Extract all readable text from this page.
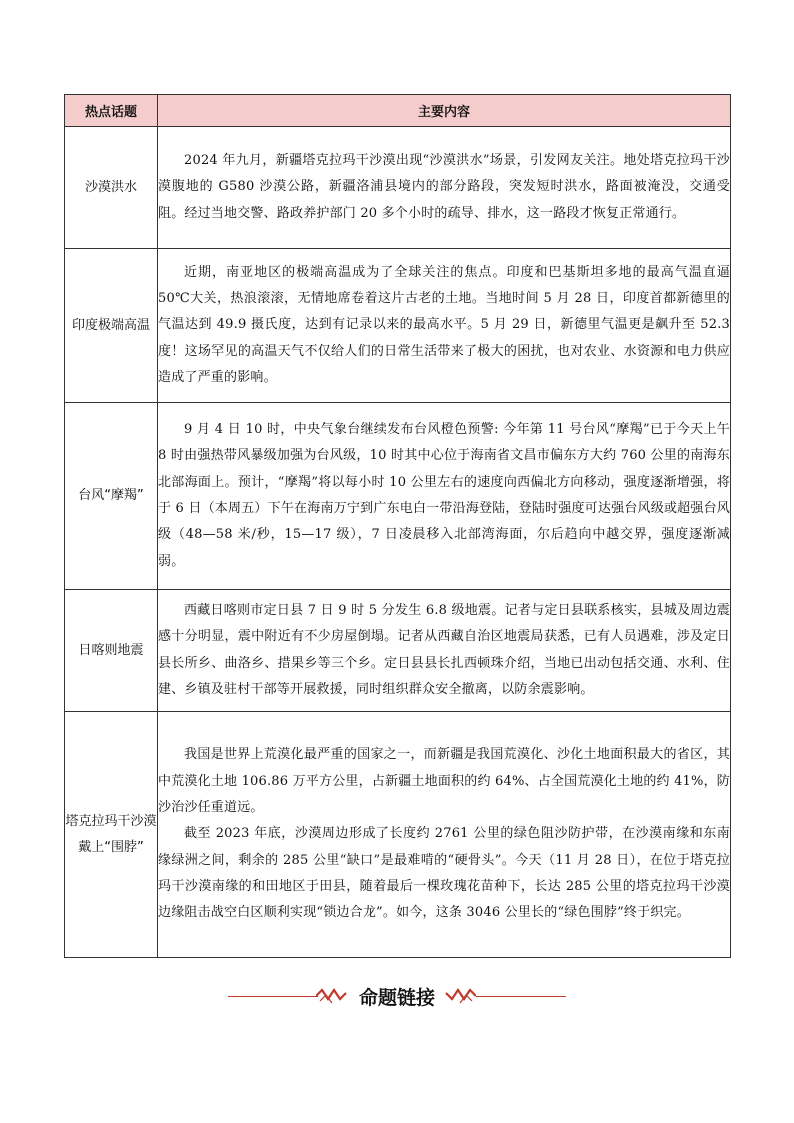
热点话题	主要内容
沙漠洪水	2024 年九月，新疆塔克拉玛干沙漠出现“沙漠洪水”场景，引发网友关注。地处塔克拉玛干沙漠腹地的 G580 沙漠公路，新疆洛浦县境内的部分路段，突发短时洪水，路面被淹没，交通受阻。经过当地交警、路政养护部门 20 多个小时的疏导、排水，这一路段才恢复正常通行。

印度极端高温	近期，南亚地区的极端高温成为了全球关注的焦点。印度和巴基斯坦多地的最高气温直逼 50℃大关，热浪滚滚，无情地席卷着这片古老的土地。当地时间 5 月 28 日，印度首都新德里的气温达到 49.9 摄氏度，达到有记录以来的最高水平。5 月 29 日，新德里气温更是飙升至 52.3 度！这场罕见的高温天气不仅给人们的日常生活带来了极大的困扰，也对农业、水资源和电力供应造成了严重的影响。

台风“摩羯”	9 月 4 日 10 时，中央气象台继续发布台风橙色预警: 今年第 11 号台风“摩羯”已于今天上午 8 时由强热带风暴级加强为台风级，10 时其中心位于海南省文昌市偏东方大约 760 公里的南海东北部海面上。预计，“摩羯”将以每小时 10 公里左右的速度向西偏北方向移动，强度逐渐增强，将于 6 日（本周五）下午在海南万宁到广东电白一带沿海登陆，登陆时强度可达强台风级或超强台风级（48—58 米/秒，15—17 级），7 日凌晨移入北部湾海面，尔后趋向中越交界，强度逐渐减弱。

日喀则地震	西藏日喀则市定日县 7 日 9 时 5 分发生 6.8 级地震。记者与定日县联系核实，县城及周边震感十分明显，震中附近有不少房屋倒塌。记者从西藏自治区地震局获悉，已有人员遇难，涉及定日县长所乡、曲洛乡、措果乡等三个乡。定日县县长扎西顿珠介绍，当地已出动包括交通、水利、住建、乡镇及驻村干部等开展救援，同时组织群众安全撤离，以防余震影响。

塔克拉玛干沙漠戴上“围脖”	我国是世界上荒漠化最严重的国家之一，而新疆是我国荒漠化、沙化土地面积最大的省区，其中荒漠化土地 106.86 万平方公里，占新疆土地面积的约 64%、占全国荒漠化土地的约 41%，防沙治沙任重道远。

截至 2023 年底，沙漠周边形成了长度约 2761 公里的绿色阻沙防护带，在沙漠南缘和东南缘绿洲之间，剩余的 285 公里“缺口”是最难啃的“硬骨头”。今天（11 月 28 日），在位于塔克拉玛干沙漠南缘的和田地区于田县，随着最后一棵玫瑰花苗种下，长达 285 公里的塔克拉玛干沙漠边缘阻击战空白区顺利实现“锁边合龙”。如今，这条 3046 公里长的“绿色围脖”终于织完。

命题链接
